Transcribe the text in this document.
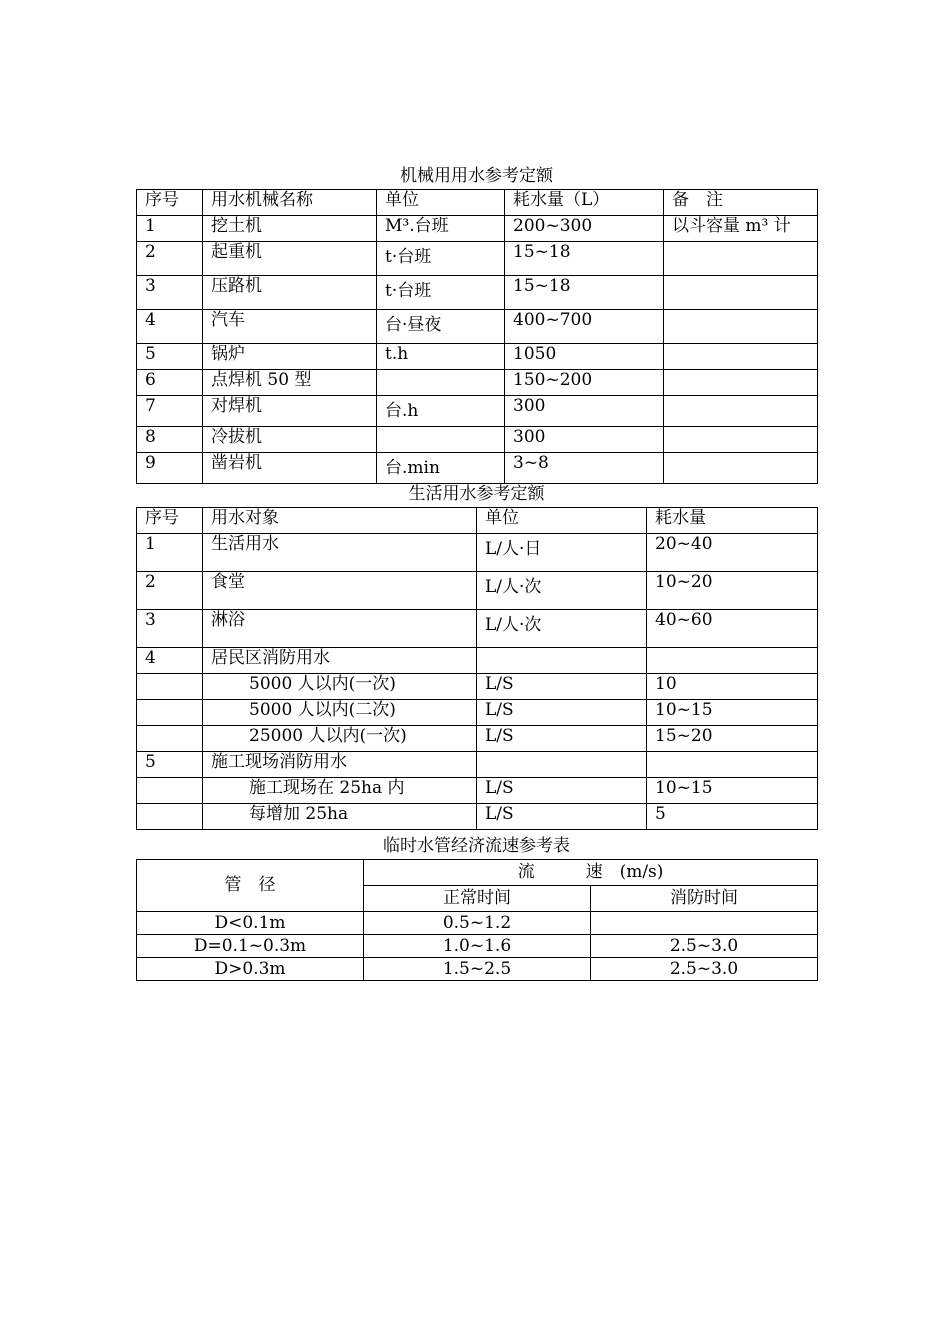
机械用用水参考定额
序号	用水机械名称	单位	耗水量（L）	备　注
1	挖土机	M³.台班	200~300	以斗容量 m³ 计
2	起重机	t·台班	15~18	
3	压路机	t·台班	15~18	
4	汽车	台·昼夜	400~700	
5	锅炉	t.h	1050	
6	点焊机 50 型		150~200	
7	对焊机	台.h	300	
8	冷拔机		300	
9	凿岩机	台.min	3~8	
生活用水参考定额
序号	用水对象	单位	耗水量
1	生活用水	L/人·日	20~40
2	食堂	L/人·次	10~20
3	淋浴	L/人·次	40~60
4	居民区消防用水		
	5000 人以内(一次)	L/S	10
	5000 人以内(二次)	L/S	10~15
	25000 人以内(一次)	L/S	15~20
5	施工现场消防用水		
	施工现场在 25ha 内	L/S	10~15
	每增加 25ha	L/S	5
临时水管经济流速参考表
管　径	流　　　速　(m/s)	
	正常时间	消防时间
D<0.1m	0.5~1.2	
D=0.1~0.3m	1.0~1.6	2.5~3.0
D>0.3m	1.5~2.5	2.5~3.0
